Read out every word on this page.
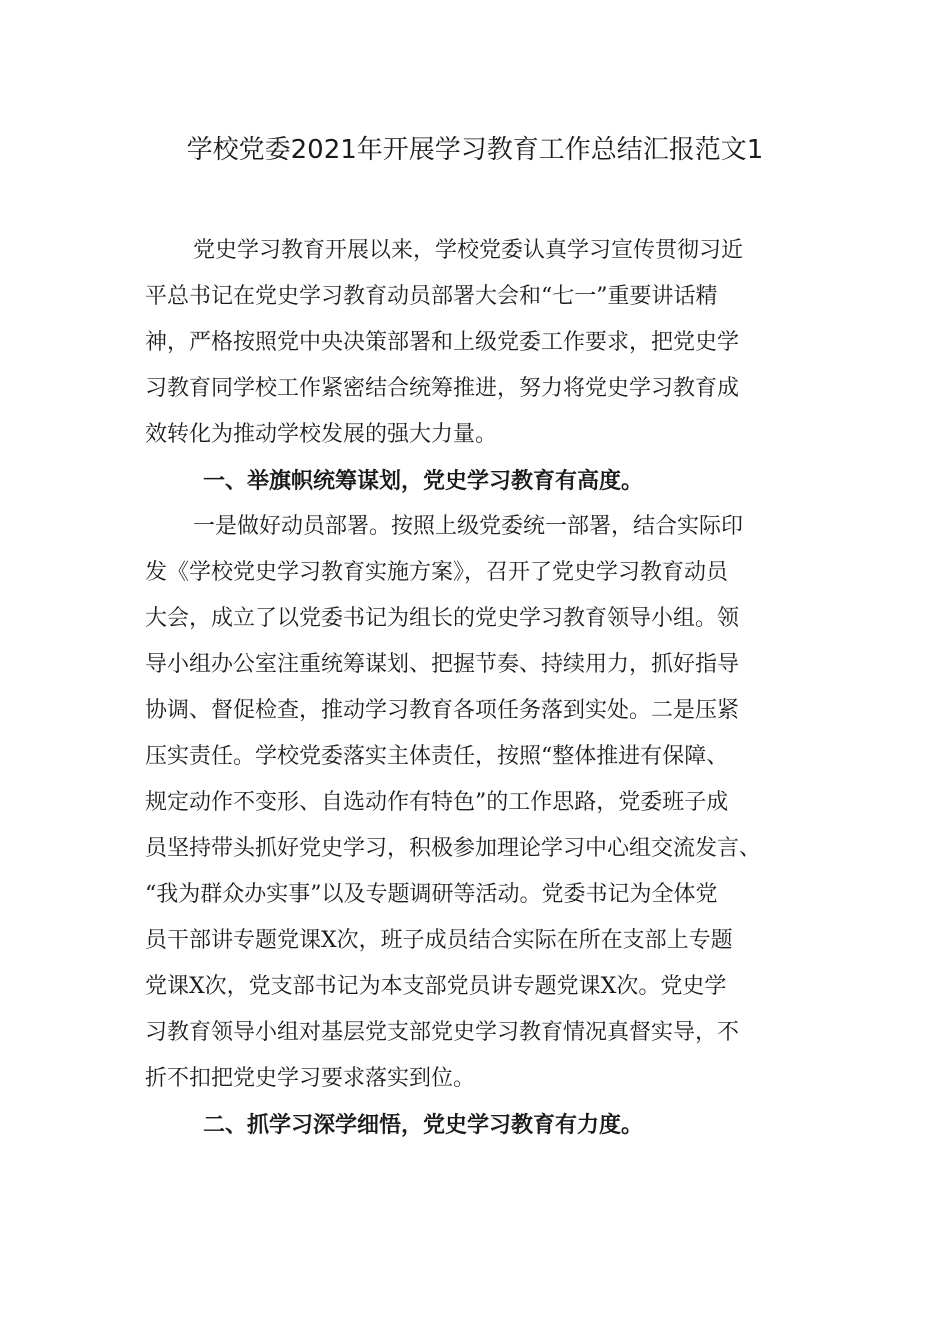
学校党委2021年开展学习教育工作总结汇报范文1
党史学习教育开展以来，学校党委认真学习宣传贯彻习近
平总书记在党史学习教育动员部署大会和“七一”重要讲话精
神，严格按照党中央决策部署和上级党委工作要求，把党史学
习教育同学校工作紧密结合统筹推进，努力将党史学习教育成
效转化为推动学校发展的强大力量。
一、举旗帜统筹谋划，党史学习教育有高度。
一是做好动员部署。按照上级党委统一部署，结合实际印
发《学校党史学习教育实施方案》，召开了党史学习教育动员
大会，成立了以党委书记为组长的党史学习教育领导小组。领
导小组办公室注重统筹谋划、把握节奏、持续用力，抓好指导
协调、督促检查，推动学习教育各项任务落到实处。二是压紧
压实责任。学校党委落实主体责任，按照“整体推进有保障、
规定动作不变形、自选动作有特色”的工作思路，党委班子成
员坚持带头抓好党史学习，积极参加理论学习中心组交流发言、
“我为群众办实事”以及专题调研等活动。党委书记为全体党
员干部讲专题党课X次，班子成员结合实际在所在支部上专题
党课X次，党支部书记为本支部党员讲专题党课X次。党史学
习教育领导小组对基层党支部党史学习教育情况真督实导，不
折不扣把党史学习要求落实到位。
二、抓学习深学细悟，党史学习教育有力度。
